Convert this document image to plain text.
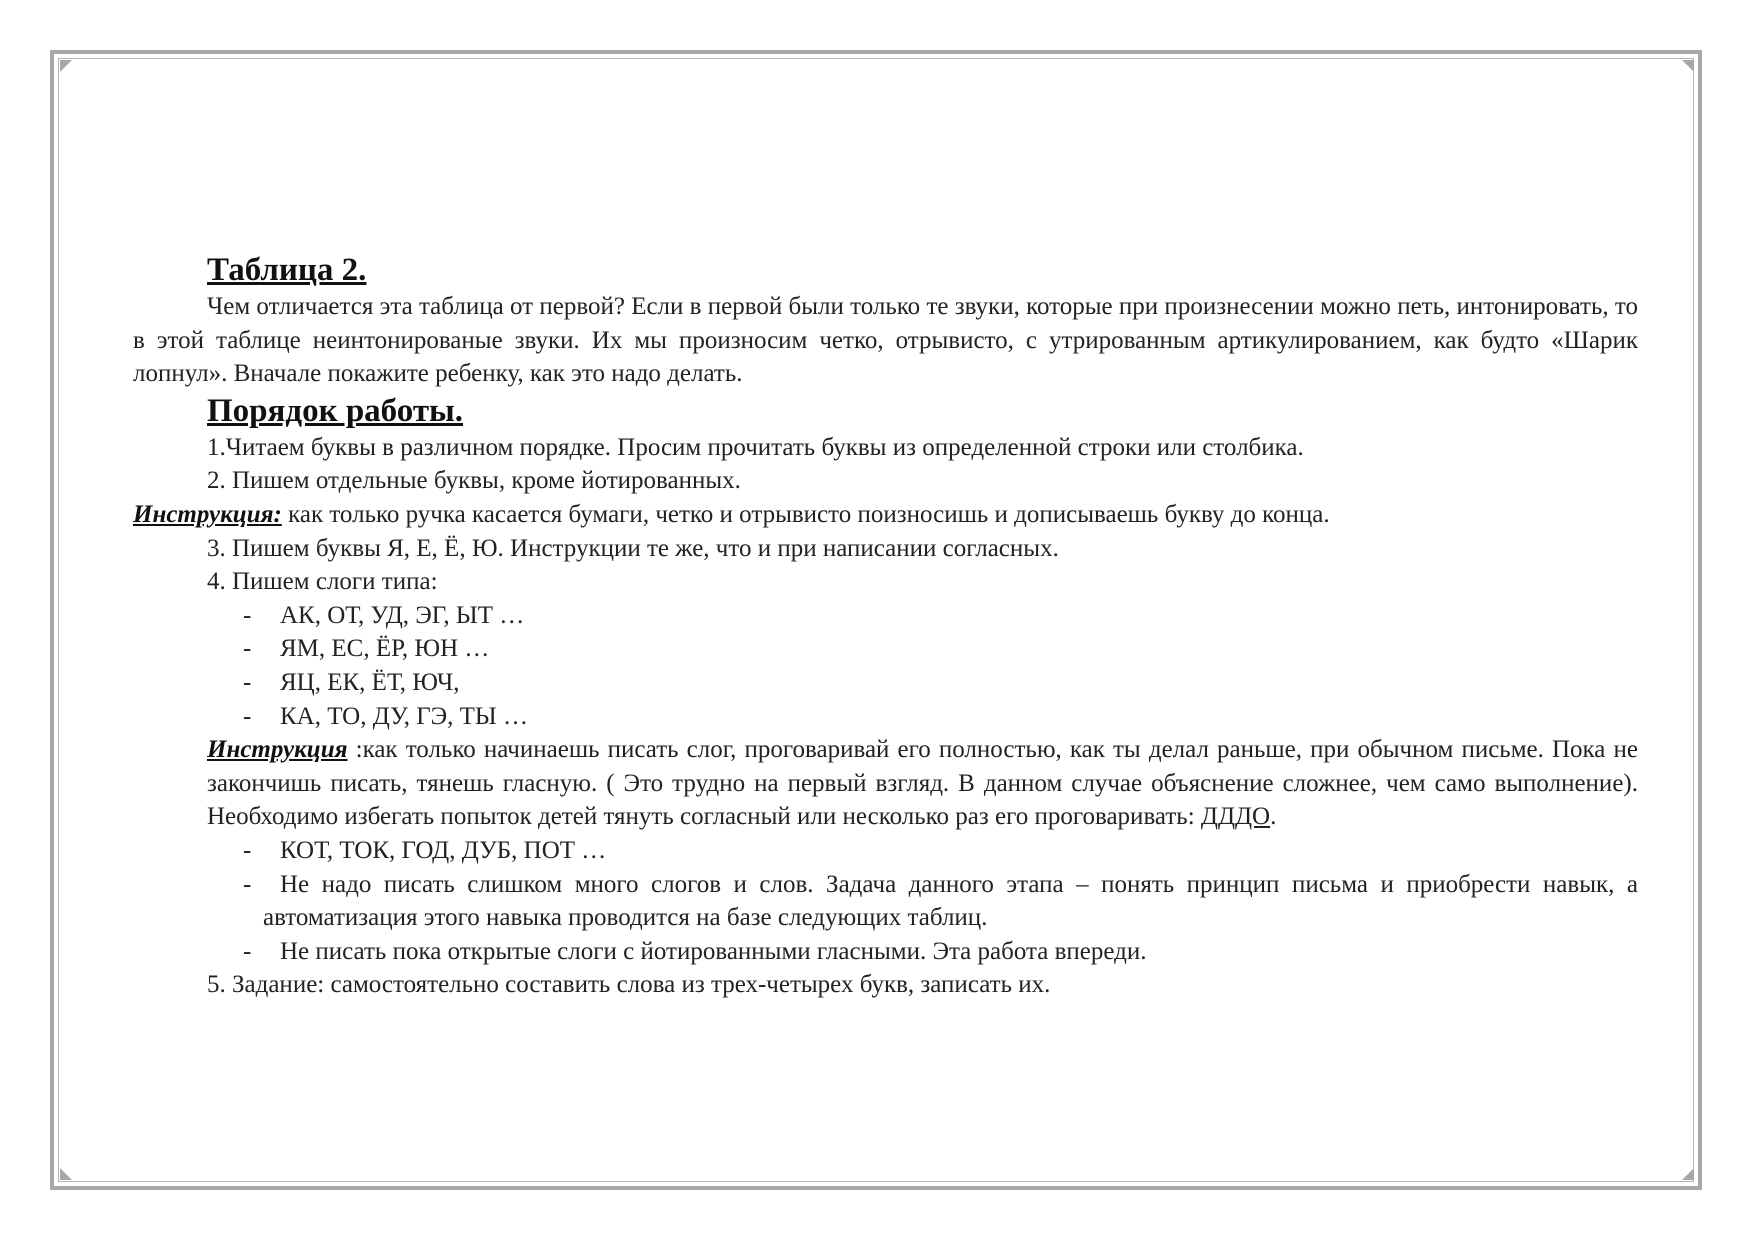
Таблица 2.

Чем отличается эта таблица от первой? Если в первой были только те звуки, которые при произнесении можно петь, интонировать, то в этой таблице неинтонированые звуки. Их мы произносим четко, отрывисто, с утрированным артикулированием, как будто «Шарик лопнул». Вначале покажите ребенку, как это надо делать.

Порядок работы.

1.Читаем буквы в различном порядке. Просим прочитать буквы из определенной строки или столбика.

2. Пишем отдельные буквы, кроме йотированных.

Инструкция: как только ручка касается бумаги, четко и отрывисто поизносишь и дописываешь букву до конца.

3. Пишем буквы Я, Е, Ё, Ю. Инструкции те же, что и при написании согласных.

4. Пишем слоги типа:

- АК, ОТ, УД, ЭГ, ЫТ …
- ЯМ, ЕС, ЁР, ЮН …
- ЯЦ, ЕК, ЁТ, ЮЧ,
- КА, ТО, ДУ, ГЭ, ТЫ …

Инструкция :как только начинаешь писать слог, проговаривай его полностью, как ты делал раньше, при обычном письме. Пока не закончишь писать, тянешь гласную. ( Это трудно на первый взгляд. В данном случае объяснение сложнее, чем само выполнение). Необходимо избегать попыток детей тянуть согласный или несколько раз его проговаривать: ДДДО.

- КОТ, ТОК, ГОД, ДУБ, ПОТ …
- Не надо писать слишком много слогов и слов. Задача данного этапа – понять принцип письма и приобрести навык, а автоматизация этого навыка проводится на базе следующих таблиц.
- Не писать пока открытые слоги с йотированными гласными. Эта работа впереди.

5. Задание: самостоятельно составить слова из трех-четырех букв, записать их.
